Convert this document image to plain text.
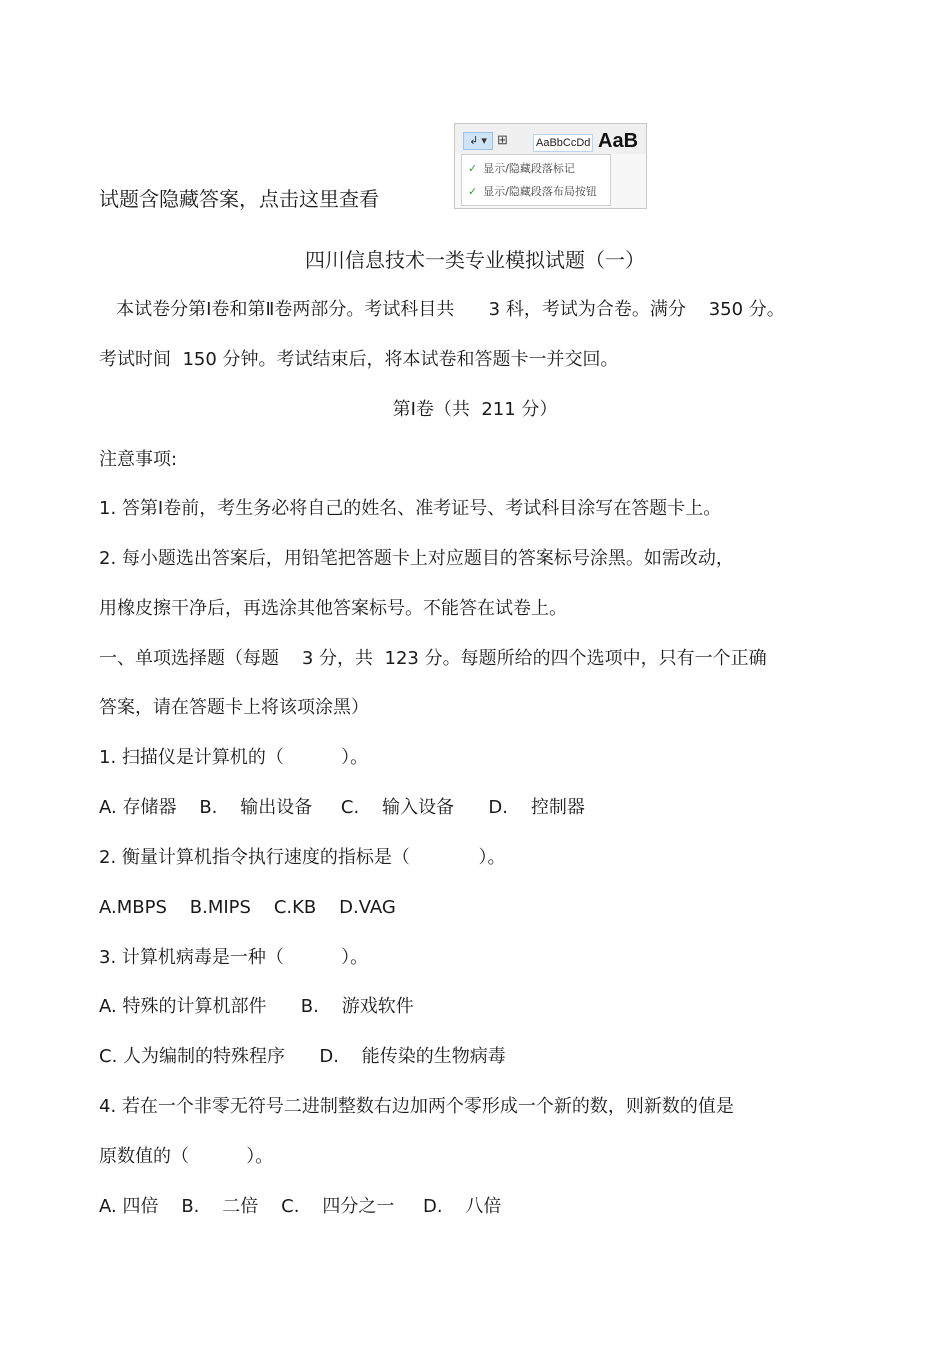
试题含隐藏答案，点击这里查看
↲ ▾ ⊞	AaBbCcDd AaB
✓ 显示/隐藏段落标记
✓ 显示/隐藏段落布局按钮
四川信息技术一类专业模拟试题（一）
本试卷分第Ⅰ卷和第Ⅱ卷两部分。考试科目共      3 科，考试为合卷。满分    350 分。
考试时间  150 分钟。考试结束后，将本试卷和答题卡一并交回。
第Ⅰ卷（共  211 分）
注意事项:
1. 答第Ⅰ卷前，考生务必将自己的姓名、准考证号、考试科目涂写在答题卡上。
2. 每小题选出答案后，用铅笔把答题卡上对应题目的答案标号涂黑。如需改动，
用橡皮擦干净后，再选涂其他答案标号。不能答在试卷上。
一、单项选择题（每题    3 分，共  123 分。每题所给的四个选项中，只有一个正确
答案，请在答题卡上将该项涂黑）
1. 扫描仪是计算机的（          ）。
A. 存储器    B.    输出设备     C.    输入设备      D.    控制器
2. 衡量计算机指令执行速度的指标是（            ）。
A.MBPS    B.MIPS    C.KB    D.VAG
3. 计算机病毒是一种（          ）。
A. 特殊的计算机部件      B.    游戏软件
C. 人为编制的特殊程序      D.    能传染的生物病毒
4. 若在一个非零无符号二进制整数右边加两个零形成一个新的数，则新数的值是
原数值的（          ）。
A. 四倍    B.    二倍    C.    四分之一     D.    八倍
